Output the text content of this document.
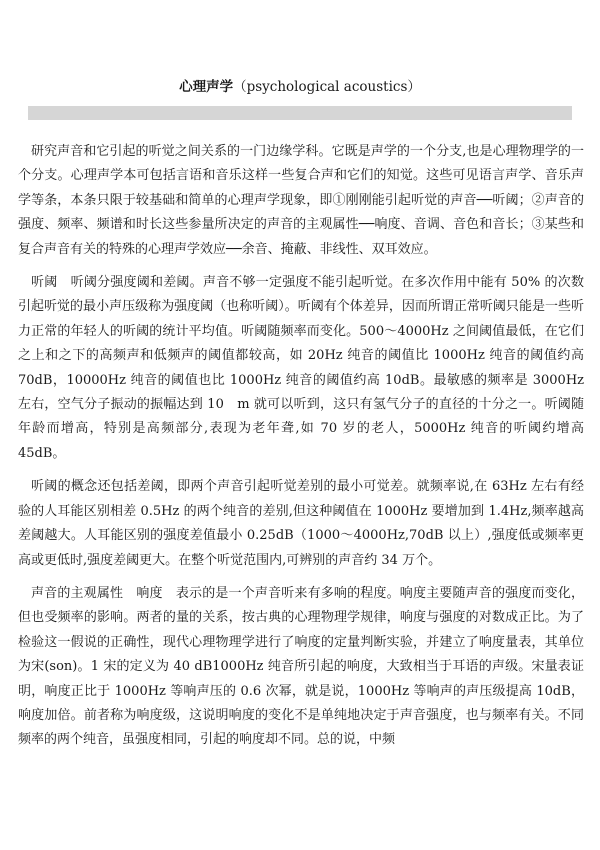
心理声学（psychological acoustics）

研究声音和它引起的听觉之间关系的一门边缘学科。它既是声学的一个分支,也是心理物理学的一个分支。心理声学本可包括言语和音乐这样一些复合声和它们的知觉。这些可见语言声学、音乐声学等条，本条只限于较基础和简单的心理声学现象，即①刚刚能引起听觉的声音──听阈；②声音的强度、频率、频谱和时长这些参量所决定的声音的主观属性──响度、音调、音色和音长；③某些和复合声音有关的特殊的心理声学效应──余音、掩蔽、非线性、双耳效应。

听阈　听阈分强度阈和差阈。声音不够一定强度不能引起听觉。在多次作用中能有 50% 的次数引起听觉的最小声压级称为强度阈（也称听阈）。听阈有个体差异，因而所谓正常听阈只能是一些听力正常的年轻人的听阈的统计平均值。听阈随频率而变化。500～4000Hz 之间阈值最低，在它们之上和之下的高频声和低频声的阈值都较高，如 20Hz 纯音的阈值比 1000Hz 纯音的阈值约高 70dB，10000Hz 纯音的阈值也比 1000Hz 纯音的阈值约高 10dB。最敏感的频率是 3000Hz 左右，空气分子振动的振幅达到 10　m 就可以听到，这只有氢气分子的直径的十分之一。听阈随年龄而增高，特别是高频部分,表现为老年聋,如 70 岁的老人，5000Hz 纯音的听阈约增高 45dB。

听阈的概念还包括差阈，即两个声音引起听觉差别的最小可觉差。就频率说,在 63Hz 左右有经验的人耳能区别相差 0.5Hz 的两个纯音的差别,但这种阈值在 1000Hz 要增加到 1.4Hz,频率越高差阈越大。人耳能区别的强度差值最小 0.25dB（1000～4000Hz,70dB 以上）,强度低或频率更高或更低时,强度差阈更大。在整个听觉范围内,可辨别的声音约 34 万个。

声音的主观属性　响度　表示的是一个声音听来有多响的程度。响度主要随声音的强度而变化，但也受频率的影响。两者的量的关系，按古典的心理物理学规律，响度与强度的对数成正比。为了检验这一假说的正确性，现代心理物理学进行了响度的定量判断实验，并建立了响度量表，其单位为宋(son)。1 宋的定义为 40 dB1000Hz 纯音所引起的响度，大致相当于耳语的声级。宋量表证明，响度正比于 1000Hz 等响声压的 0.6 次幂，就是说，1000Hz 等响声的声压级提高 10dB，响度加倍。前者称为响度级，这说明响度的变化不是单纯地决定于声音强度，也与频率有关。不同频率的两个纯音，虽强度相同，引起的响度却不同。总的说，中频
